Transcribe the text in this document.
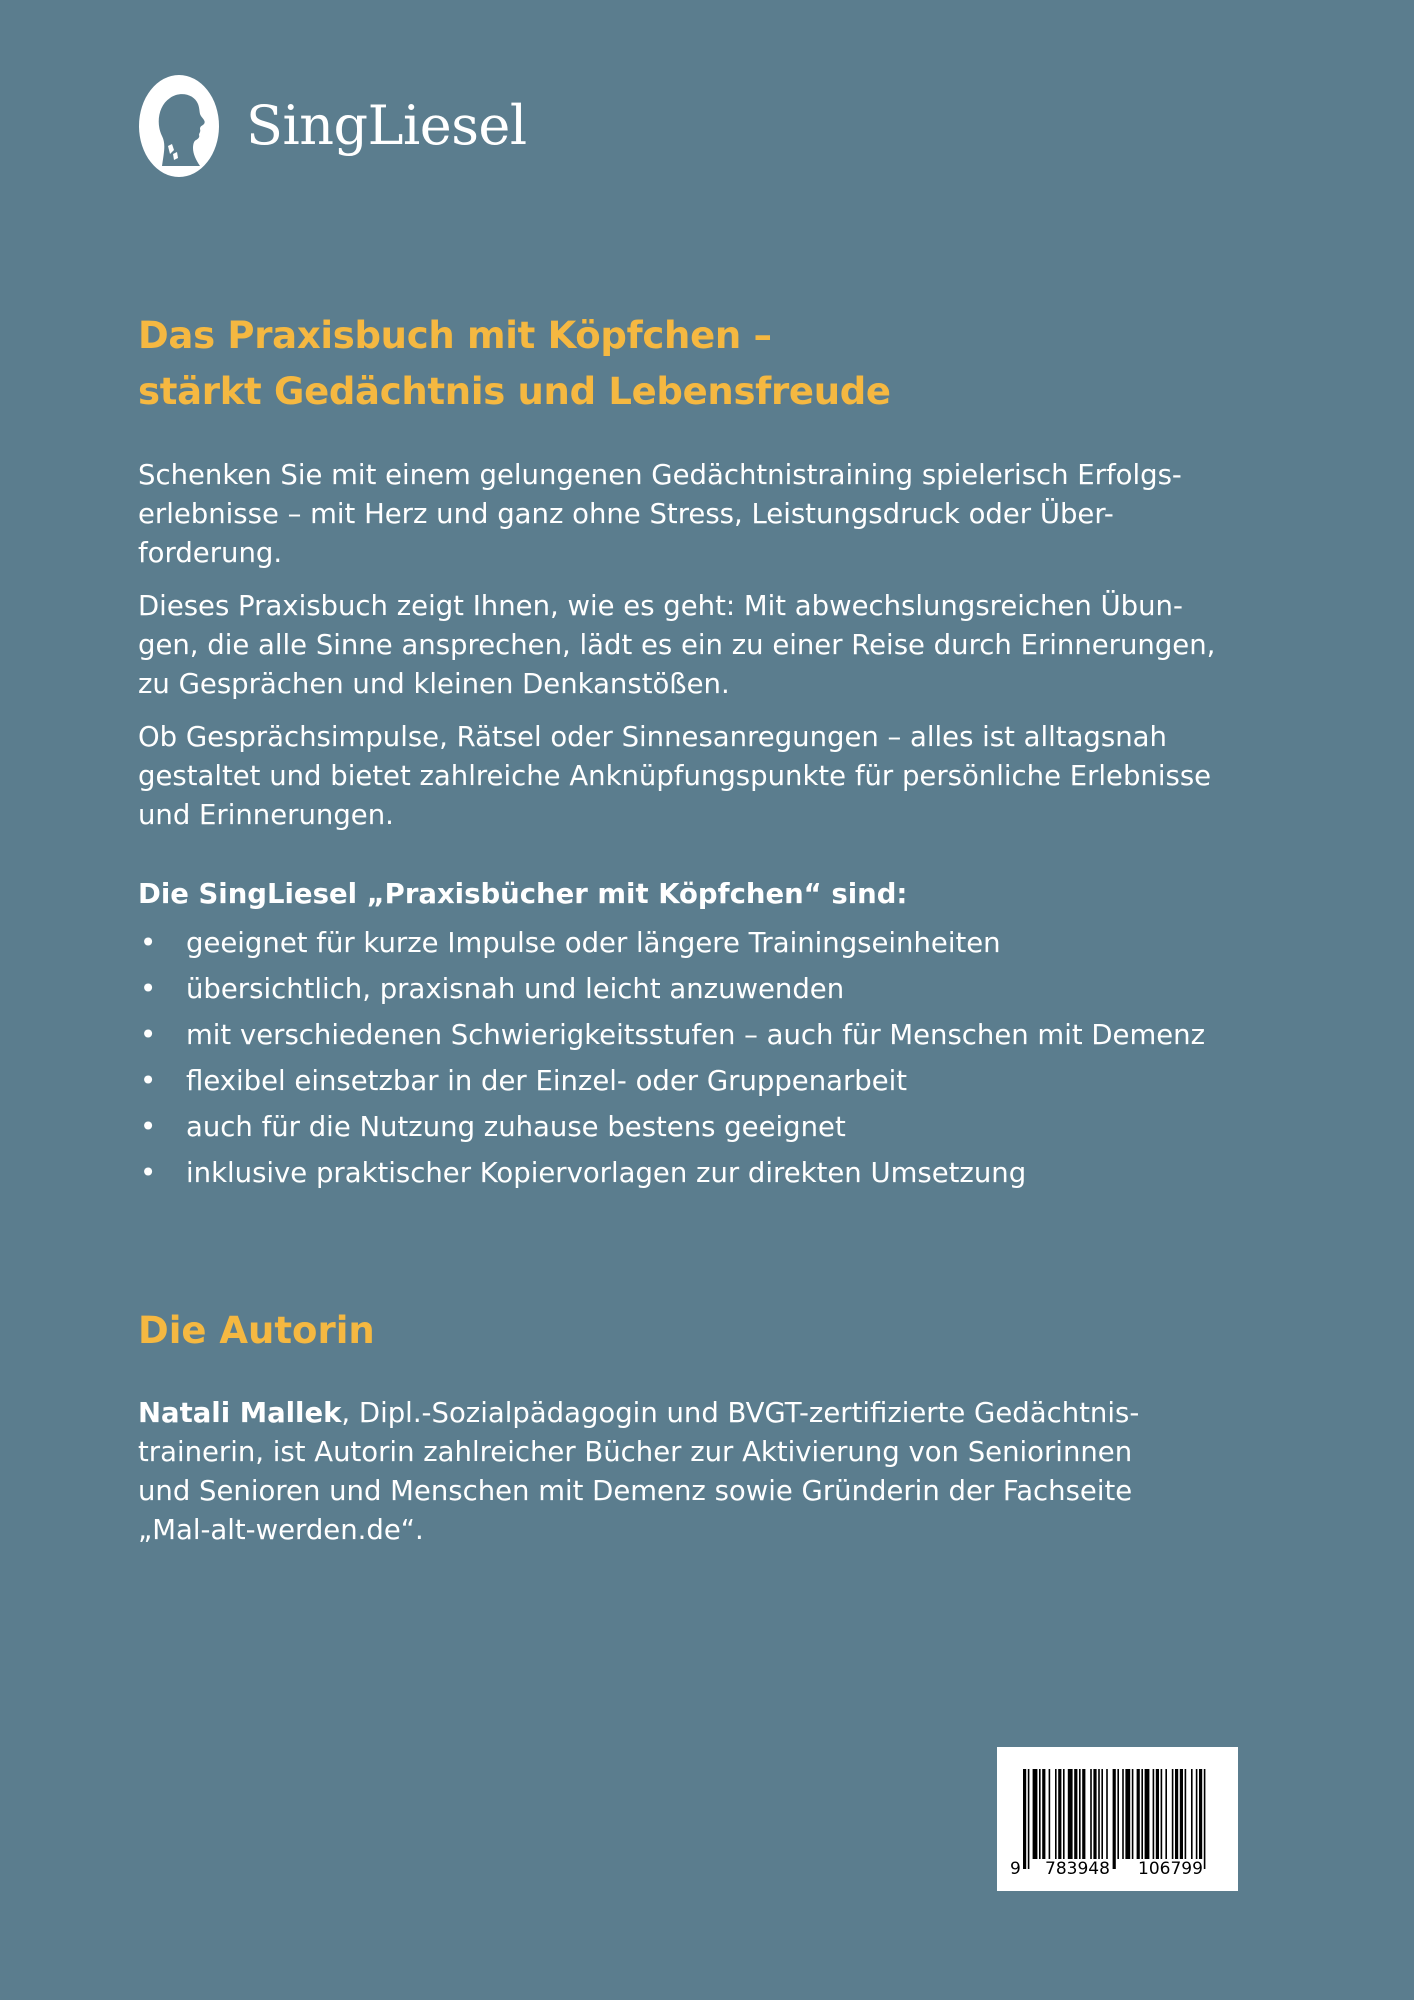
SingLiesel
Das Praxisbuch mit Köpfchen –
stärkt Gedächtnis und Lebensfreude

Schenken Sie mit einem gelungenen Gedächtnistraining spielerisch Erfolgs-
erlebnisse – mit Herz und ganz ohne Stress, Leistungsdruck oder Über-
forderung.

Dieses Praxisbuch zeigt Ihnen, wie es geht: Mit abwechslungsreichen Übun-
gen, die alle Sinne ansprechen, lädt es ein zu einer Reise durch Erinnerungen,
zu Gesprächen und kleinen Denkanstößen.

Ob Gesprächsimpulse, Rätsel oder Sinnesanregungen – alles ist alltagsnah
gestaltet und bietet zahlreiche Anknüpfungspunkte für persönliche Erlebnisse
und Erinnerungen.

Die SingLiesel „Praxisbücher mit Köpfchen“ sind:
• geeignet für kurze Impulse oder längere Trainingseinheiten
• übersichtlich, praxisnah und leicht anzuwenden
• mit verschiedenen Schwierigkeitsstufen – auch für Menschen mit Demenz
• flexibel einsetzbar in der Einzel- oder Gruppenarbeit
• auch für die Nutzung zuhause bestens geeignet
• inklusive praktischer Kopiervorlagen zur direkten Umsetzung
Die Autorin

Natali Mallek, Dipl.-Sozialpädagogin und BVGT-zertifizierte Gedächtnis-
trainerin, ist Autorin zahlreicher Bücher zur Aktivierung von Seniorinnen
und Senioren und Menschen mit Demenz sowie Gründerin der Fachseite
„Mal-alt-werden.de“.

9 783948 106799
